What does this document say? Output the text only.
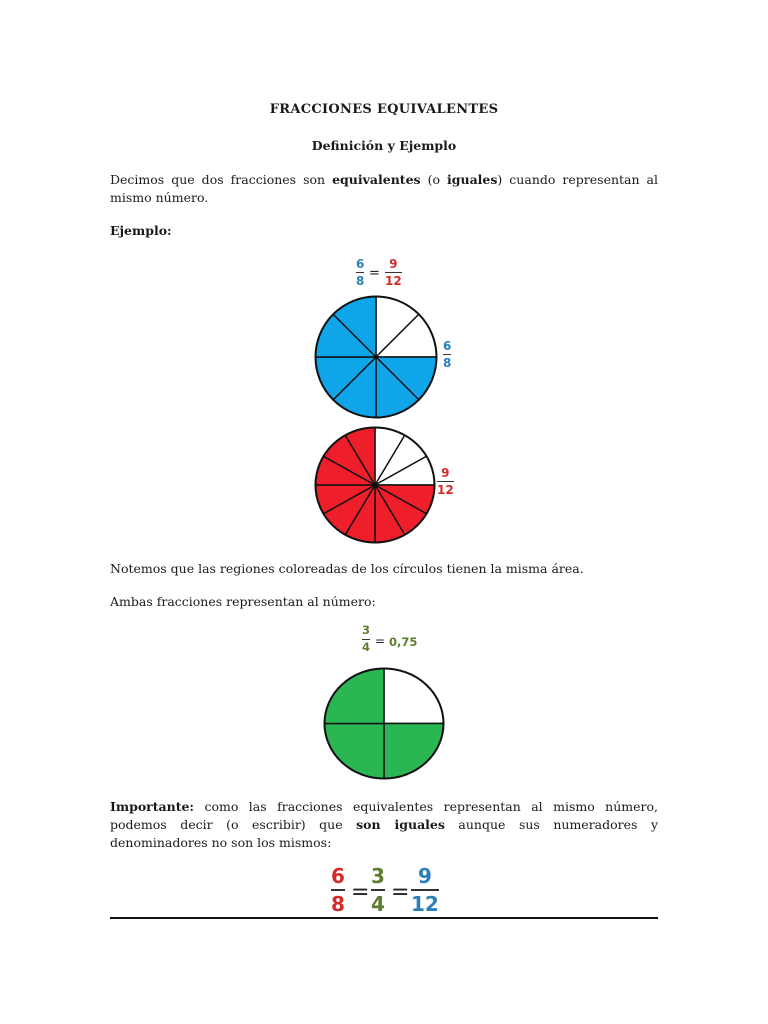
FRACCIONES EQUIVALENTES
Definición y Ejemplo
Decimos que dos fracciones son equivalentes (o iguales) cuando representan al mismo número.
Ejemplo:
6
8 =
9
12
6
8
9
12
Notemos que las regiones coloreadas de los círculos tienen la misma área.
Ambas fracciones representan al número:
3
4 = 0,75
Importante: como las fracciones equivalentes representan al mismo número, podemos decir (o escribir) que son iguales aunque sus numeradores y denominadores no son los mismos:
6
8 =
3
4 =
9
12
